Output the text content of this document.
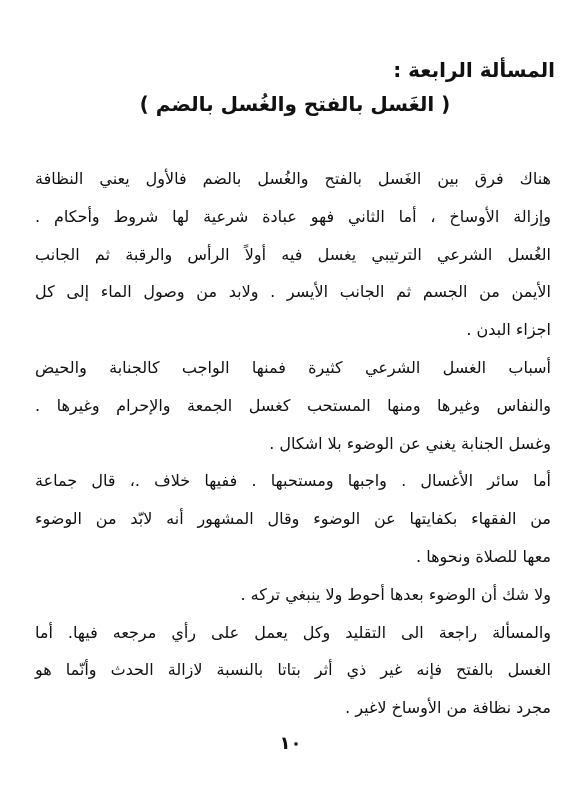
المسألة الرابعة :
( الغَسل بالفتح والغُسل بالضم )
هناك فرق بين الغَسل بالفتح والغُسل بالضم فالأول يعني النظافة
وإزالة الأوساخ ، أما الثاني فهو عبادة شرعية لها شروط وأحكام .
الغُسل الشرعي الترتيبي يغسل فيه أولاً الرأس والرقبة ثم الجانب
الأيمن من الجسم ثم الجانب الأيسر . ولابد من وصول الماء إلى كل
اجزاء البدن .
أسباب الغسل الشرعي كثيرة فمنها الواجب كالجنابة والحيض
والنفاس وغيرها ومنها المستحب كغسل الجمعة والإحرام وغيرها .
وغسل الجنابة يغني عن الوضوء بلا اشكال .
أما سائر الأغسال . واجبها ومستحبها . ففيها خلاف .، قال جماعة
من الفقهاء بكفايتها عن الوضوء وقال المشهور أنه لابّد من الوضوء
معها للصلاة ونحوها .
ولا شك أن الوضوء بعدها أحوط ولا ينبغي تركه .
والمسألة راجعة الى التقليد وكل يعمل على رأي مرجعه فيها. أما
الغسل بالفتح فإنه غير ذي أثر بتاتا بالنسبة لازالة الحدث وأنّما هو
مجرد نظافة من الأوساخ لاغير .
١٠
